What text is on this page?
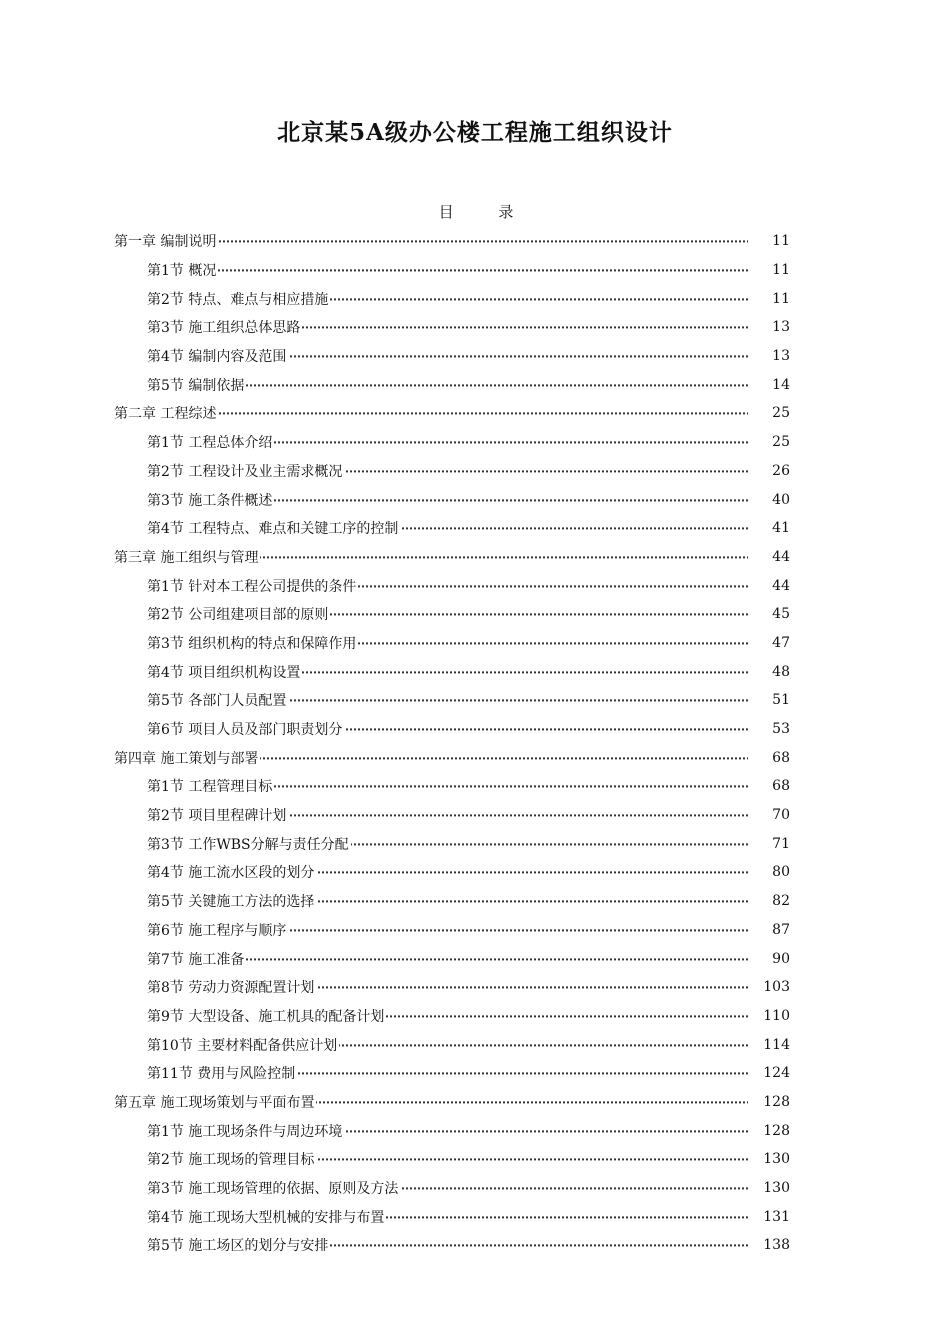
北京某5A级办公楼工程施工组织设计
目 录
第一章 编制说明	11
第1节 概况	11
第2节 特点、难点与相应措施	11
第3节 施工组织总体思路	13
第4节 编制内容及范围	13
第5节 编制依据	14
第二章 工程综述	25
第1节 工程总体介绍	25
第2节 工程设计及业主需求概况	26
第3节 施工条件概述	40
第4节 工程特点、难点和关键工序的控制	41
第三章 施工组织与管理	44
第1节 针对本工程公司提供的条件	44
第2节 公司组建项目部的原则	45
第3节 组织机构的特点和保障作用	47
第4节 项目组织机构设置	48
第5节 各部门人员配置	51
第6节 项目人员及部门职责划分	53
第四章 施工策划与部署	68
第1节 工程管理目标	68
第2节 项目里程碑计划	70
第3节 工作WBS分解与责任分配	71
第4节 施工流水区段的划分	80
第5节 关键施工方法的选择	82
第6节 施工程序与顺序	87
第7节 施工准备	90
第8节 劳动力资源配置计划	103
第9节 大型设备、施工机具的配备计划	110
第10节 主要材料配备供应计划	114
第11节 费用与风险控制	124
第五章 施工现场策划与平面布置	128
第1节 施工现场条件与周边环境	128
第2节 施工现场的管理目标	130
第3节 施工现场管理的依据、原则及方法	130
第4节 施工现场大型机械的安排与布置	131
第5节 施工场区的划分与安排	138
